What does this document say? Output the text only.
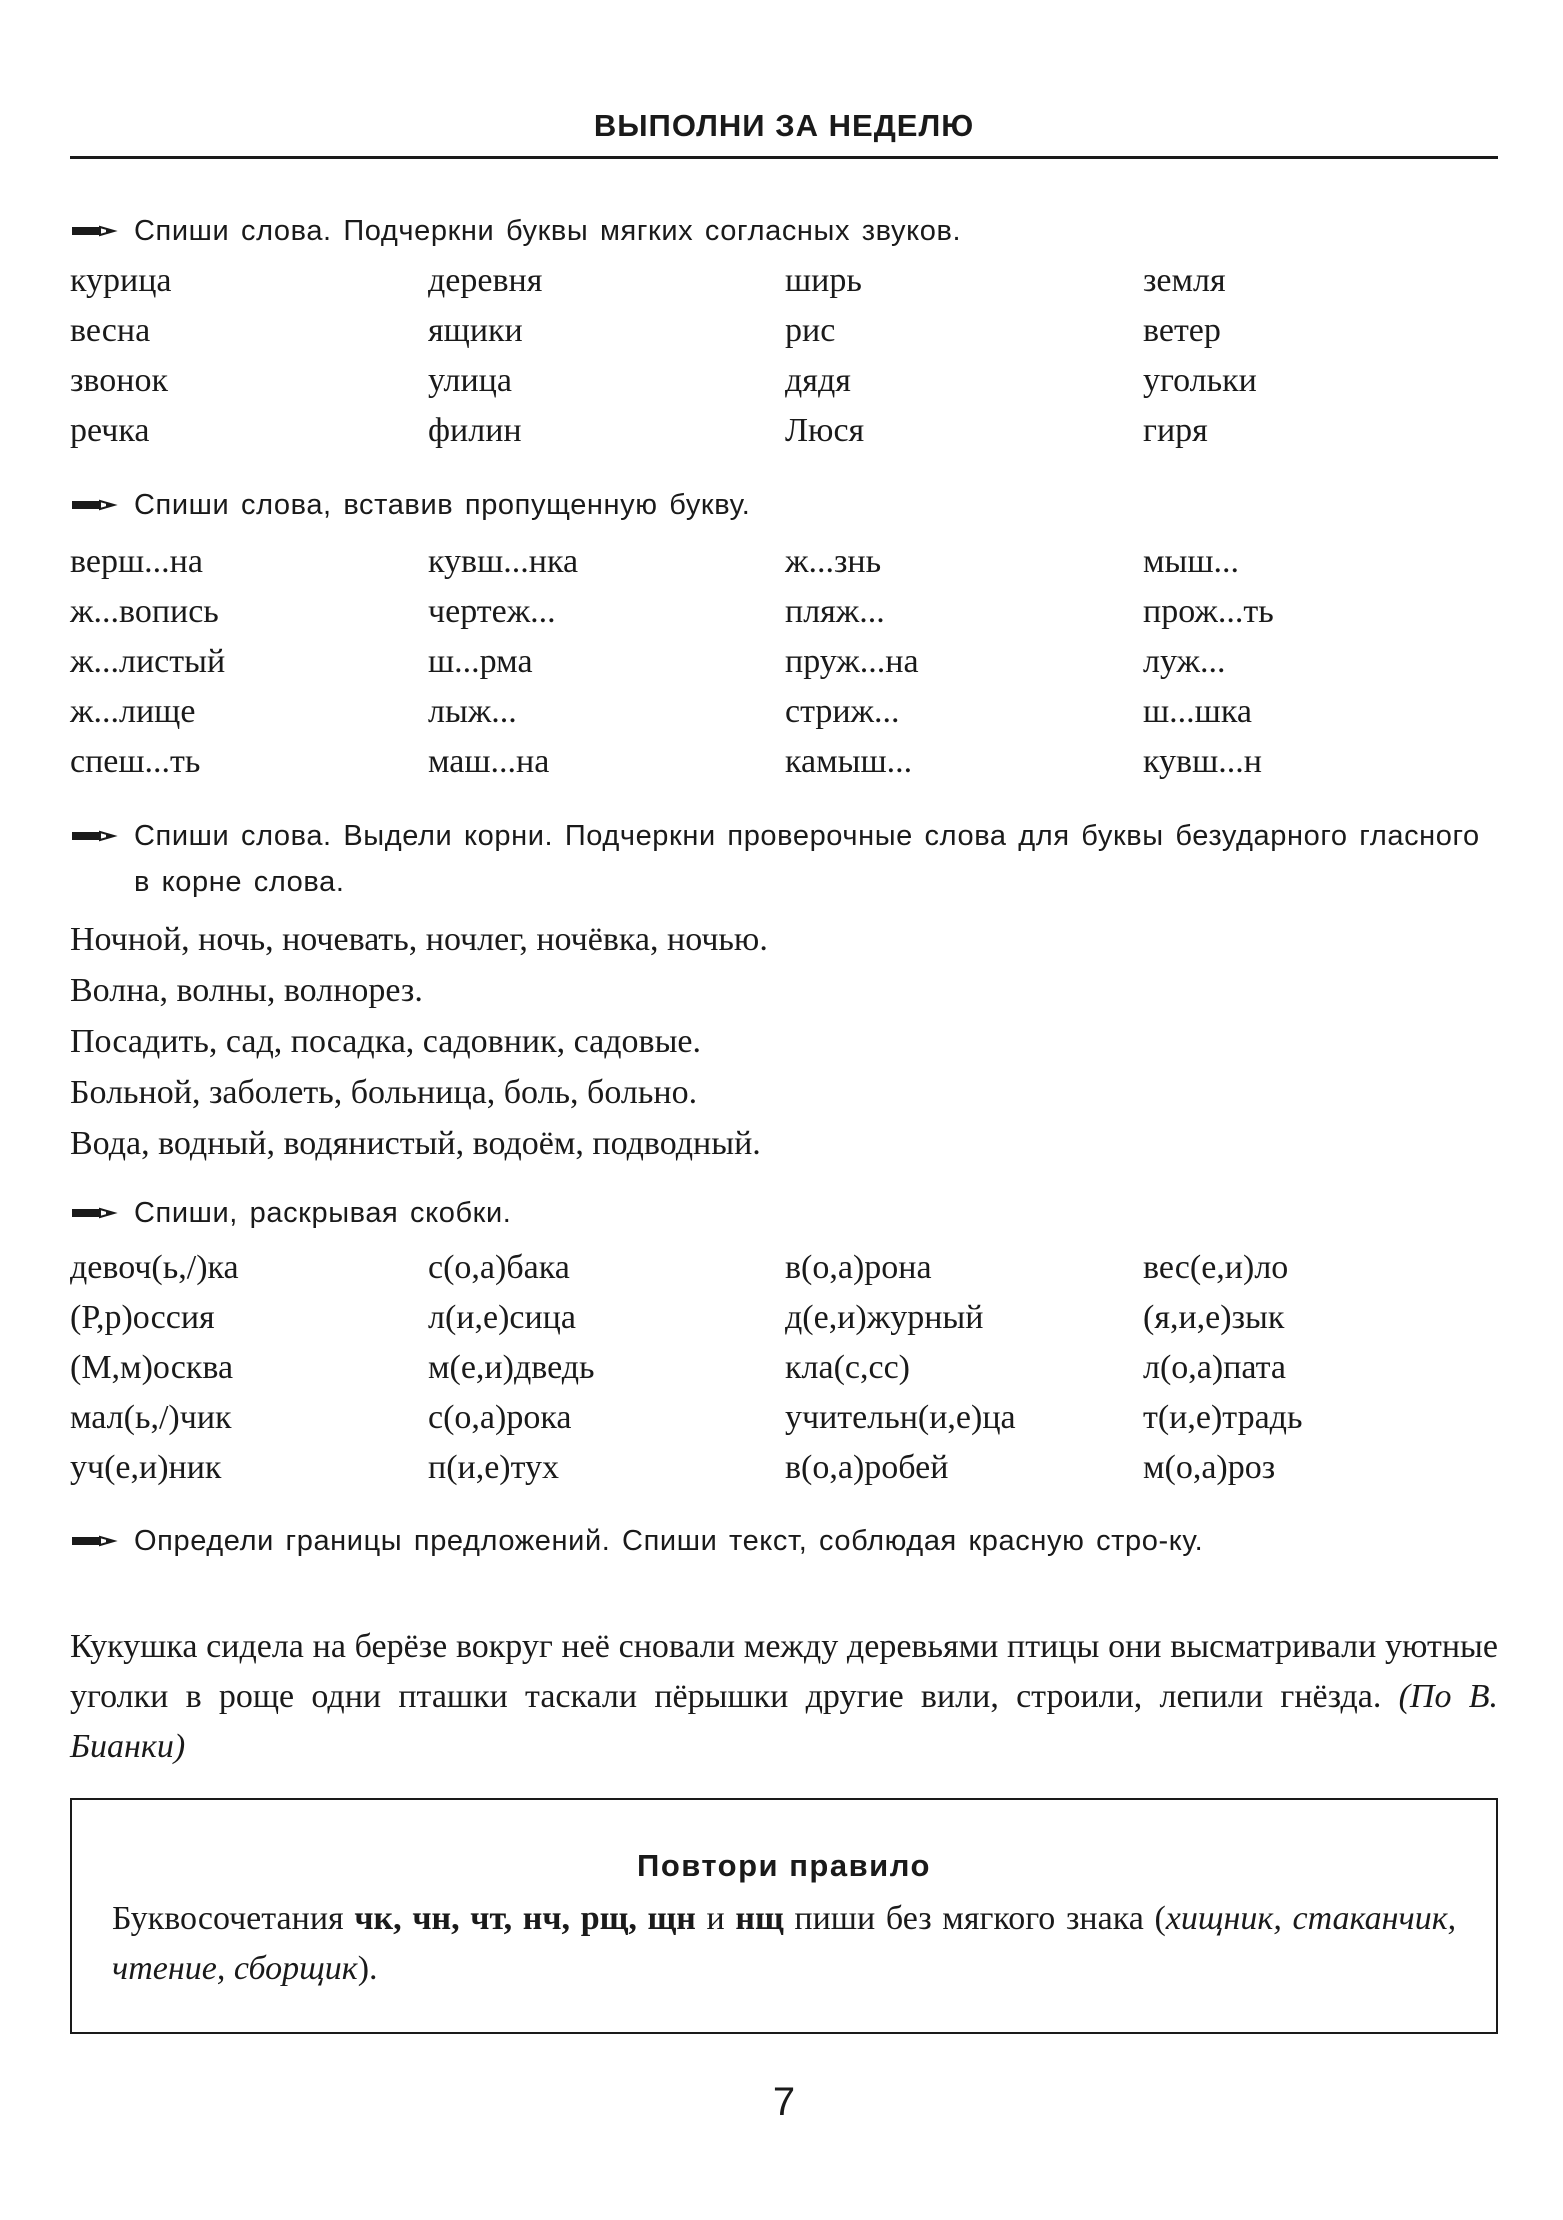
ВЫПОЛНИ ЗА НЕДЕЛЮ
Спиши слова. Подчеркни буквы мягких согласных звуков.
курица	деревня	ширь	земля
весна	ящики	рис	ветер
звонок	улица	дядя	угольки
речка	филин	Люся	гиря
Спиши слова, вставив пропущенную букву.
верш...на	кувш...нка	ж...знь	мыш...
ж...вопись	чертеж...	пляж...	прож...ть
ж...листый	ш...рма	пруж...на	луж...
ж...лище	лыж...	стриж...	ш...шка
спеш...ть	маш...на	камыш...	кувш...н
Спиши слова. Выдели корни. Подчеркни проверочные слова для буквы безударного гласного в корне слова.
Ночной, ночь, ночевать, ночлег, ночёвка, ночью.
Волна, волны, волнорез.
Посадить, сад, посадка, садовник, садовые.
Больной, заболеть, больница, боль, больно.
Вода, водный, водянистый, водоём, подводный.
Спиши, раскрывая скобки.
девоч(ь,/)ка	с(о,а)бака	в(о,а)рона	вес(е,и)ло
(Р,р)оссия	л(и,е)сица	д(е,и)журный	(я,и,е)зык
(М,м)осква	м(е,и)дведь	кла(с,сс)	л(о,а)пата
мал(ь,/)чик	с(о,а)рока	учительн(и,е)ца	т(и,е)традь
уч(е,и)ник	п(и,е)тух	в(о,а)робей	м(о,а)роз
Определи границы предложений. Спиши текст, соблюдая красную стро-ку.
Кукушка сидела на берёзе вокруг неё сновали между деревьями птицы они высматривали уютные уголки в роще одни пташки таскали пёрышки другие вили, строили, лепили гнёзда. (По В. Бианки)
Повтори правило
Буквосочетания чк, чн, чт, нч, рщ, щн и нщ пиши без мягкого знака (хищник, стаканчик, чтение, сборщик).
7
